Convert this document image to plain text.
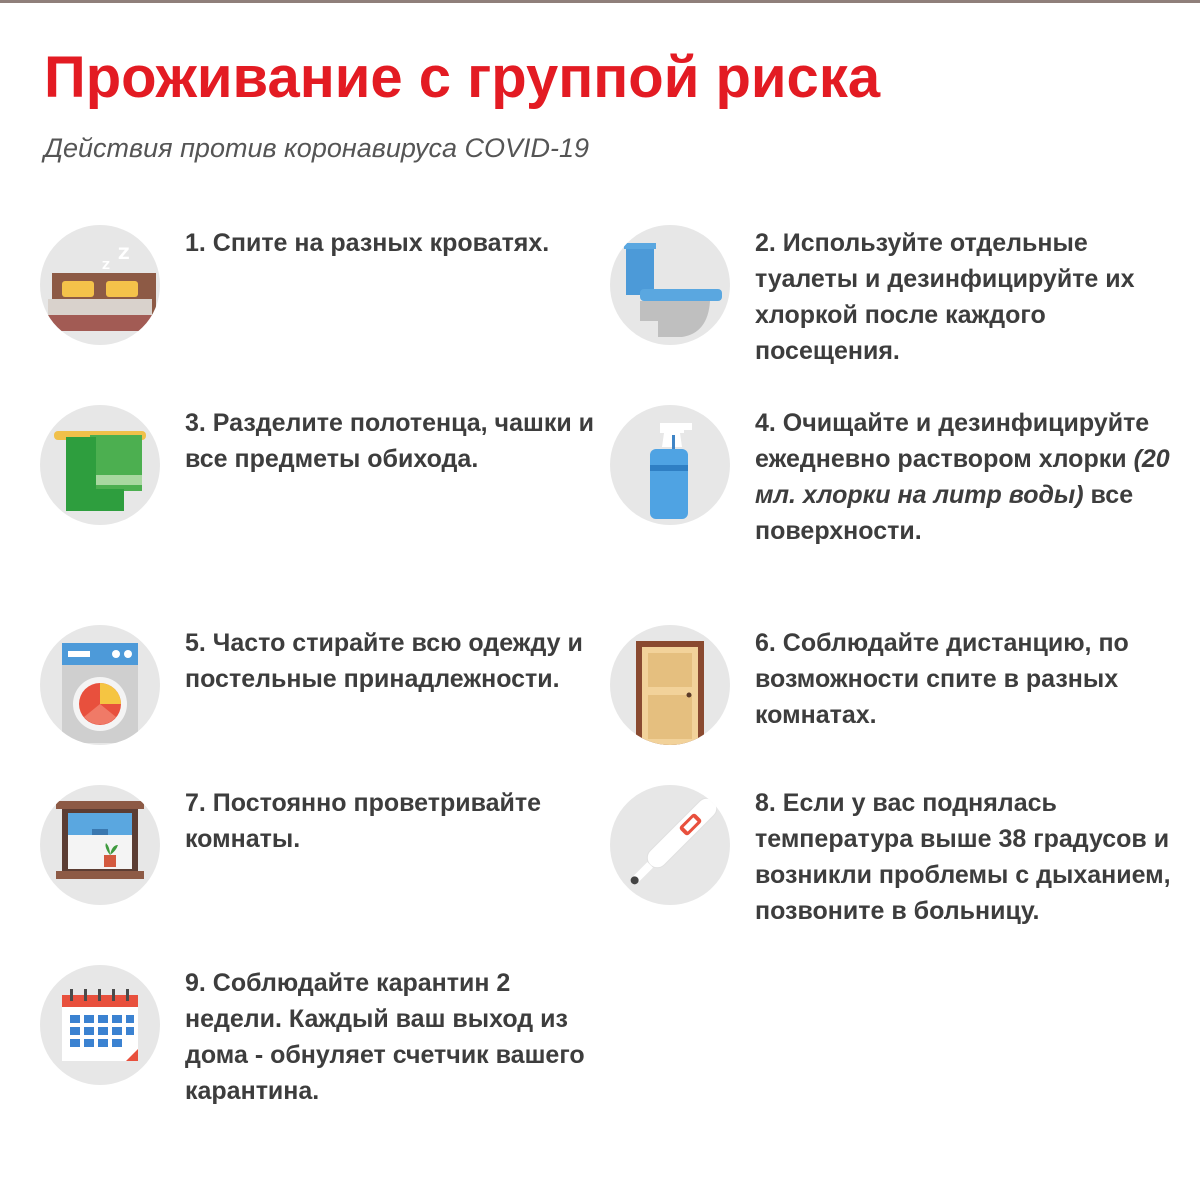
Проживание с группой риска

Действия против коронавируса COVID-19

Z
Z
1. Спите на разных кроватях.	2. Используйте отдельные туалеты и дезинфицируйте их хлоркой после каждого посещения.
3. Разделите полотенца, чашки и все предметы обихода.
4. Очищайте и дезинфицируйте ежедневно раствором хлорки (20 мл. хлорки на литр воды) все поверхности.
5. Часто стирайте всю одежду и постельные принадлежности.
6. Соблюдайте дистанцию, по возможности спите в разных комнатах.
7. Постоянно проветривайте комнаты.
8. Если у вас поднялась температура выше 38 градусов и возникли проблемы с дыханием, позвоните в больницу.
9. Соблюдайте карантин 2 недели. Каждый ваш выход из дома - обнуляет счетчик вашего карантина.
